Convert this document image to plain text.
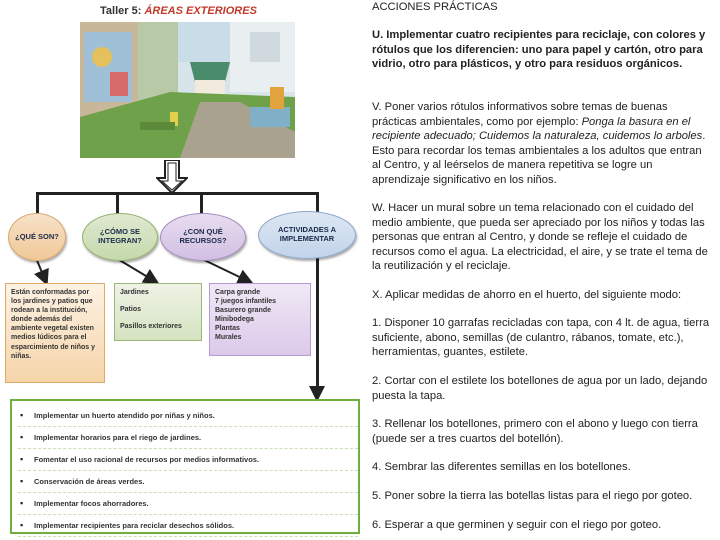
Taller 5: ÁREAS EXTERIORES
¿QUÉ SON?	¿CÓMO SE INTEGRAN?
¿CON QUÉ RECURSOS?
ACTIVIDADES A IMPLEMENTAR
Están conformadas por los jardines y patios que rodean a la institución, donde además del ambiente vegetal existen medios lúdicos para el esparcimiento de niños y niñas.
Jardines
Patios
Pasillos exteriores
Carpa grande
7 juegos infantiles
Basurero grande
Minibodega
Plantas
Murales
▪ Implementar un huerto atendido por niñas y niños.
▪ Implementar horarios para el riego de jardines.
▪ Fomentar el uso racional de recursos por medios informativos.
▪ Conservación de áreas verdes.
▪ Implementar focos ahorradores.
▪ Implementar recipientes para reciclar desechos sólidos.

ACCIONES PRÁCTICAS

U. Implementar cuatro recipientes para reciclaje, con colores y rótulos que los diferencien: uno para papel y cartón, otro para vidrio, otro para plásticos, y otro para residuos orgánicos.

V. Poner varios rótulos informativos sobre temas de buenas prácticas ambientales, como por ejemplo: Ponga la basura en el recipiente adecuado; Cuidemos la naturaleza, cuidemos lo arboles. Esto para recordar los temas ambientales a los adultos que entran al Centro, y al leérselos de manera repetitiva se logre un aprendizaje significativo en los niños.

W. Hacer un mural sobre un tema relacionado con el cuidado del medio ambiente, que pueda ser apreciado por los niños y todas las personas que entran al Centro, y donde se refleje el cuidado de recursos como el agua. La electricidad, el aire, y se trate el tema de la reutilización y el reciclaje.

X. Aplicar medidas de ahorro en el huerto, del siguiente modo:

1. Disponer 10 garrafas recicladas con tapa, con 4 lt. de agua, tierra suficiente, abono, semillas (de culantro, rábanos, tomate, etc.), herramientas, guantes, estilete.

2. Cortar con el estilete los botellones de agua por un lado, dejando puesta la tapa.

3. Rellenar los botellones, primero con el abono y luego con tierra (puede ser a tres cuartos del botellón).

4. Sembrar las diferentes semillas en los botellones.

5. Poner sobre la tierra las botellas listas para el riego por goteo.

6. Esperar a que germinen y seguir con el riego por goteo.
